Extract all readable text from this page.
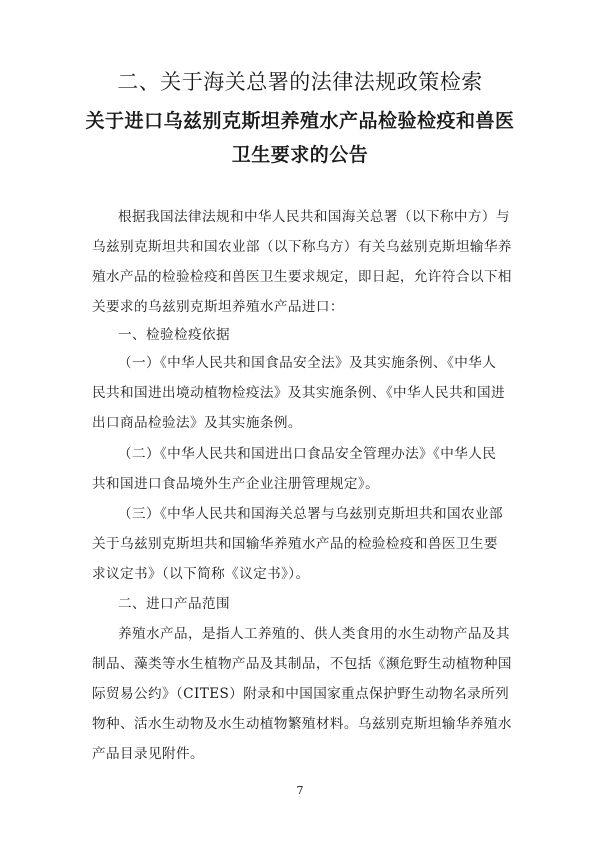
二、关于海关总署的法律法规政策检索
关于进口乌兹别克斯坦养殖水产品检验检疫和兽医
卫生要求的公告
根据我国法律法规和中华人民共和国海关总署（以下称中方）与
乌兹别克斯坦共和国农业部（以下称乌方）有关乌兹别克斯坦输华养
殖水产品的检验检疫和兽医卫生要求规定，即日起，允许符合以下相
关要求的乌兹别克斯坦养殖水产品进口：
一、检验检疫依据
（一）《中华人民共和国食品安全法》及其实施条例、《中华人
民共和国进出境动植物检疫法》及其实施条例、《中华人民共和国进
出口商品检验法》及其实施条例。
（二）《中华人民共和国进出口食品安全管理办法》《中华人民
共和国进口食品境外生产企业注册管理规定》。
（三）《中华人民共和国海关总署与乌兹别克斯坦共和国农业部
关于乌兹别克斯坦共和国输华养殖水产品的检验检疫和兽医卫生要
求议定书》（以下简称《议定书》）。
二、进口产品范围
养殖水产品，是指人工养殖的、供人类食用的水生动物产品及其
制品、藻类等水生植物产品及其制品，不包括《濒危野生动植物种国
际贸易公约》（CITES）附录和中国国家重点保护野生动物名录所列
物种、活水生动物及水生动植物繁殖材料。乌兹别克斯坦输华养殖水
产品目录见附件。
7
